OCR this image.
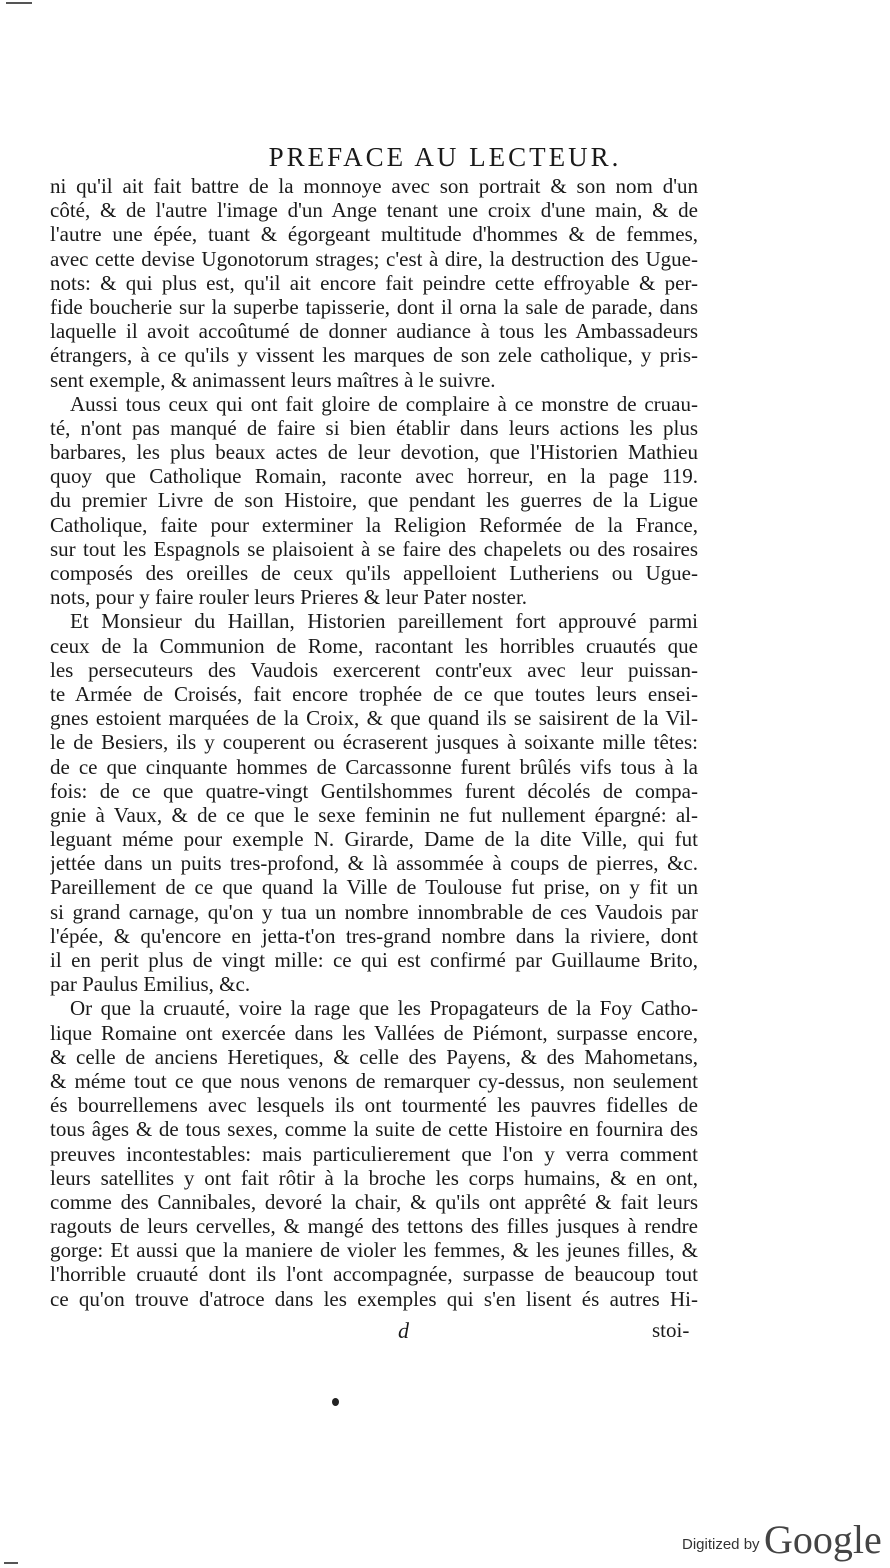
PREFACE AU LECTEUR.
ni qu'il ait fait battre de la monnoye avec son portrait & son nom d'un
côté, & de l'autre l'image d'un Ange tenant une croix d'une main, & de
l'autre une épée, tuant & égorgeant multitude d'hommes & de femmes,
avec cette devise Ugonotorum strages; c'est à dire, la destruction des Ugue-
nots: & qui plus est, qu'il ait encore fait peindre cette effroyable & per-
fide boucherie sur la superbe tapisserie, dont il orna la sale de parade, dans
laquelle il avoit accoûtumé de donner audiance à tous les Ambassadeurs
étrangers, à ce qu'ils y vissent les marques de son zele catholique, y pris-
sent exemple, & animassent leurs maîtres à le suivre.
Aussi tous ceux qui ont fait gloire de complaire à ce monstre de cruau-
té, n'ont pas manqué de faire si bien établir dans leurs actions les plus
barbares, les plus beaux actes de leur devotion, que l'Historien Mathieu
quoy que Catholique Romain, raconte avec horreur, en la page 119.
du premier Livre de son Histoire, que pendant les guerres de la Ligue
Catholique, faite pour exterminer la Religion Reformée de la France,
sur tout les Espagnols se plaisoient à se faire des chapelets ou des rosaires
composés des oreilles de ceux qu'ils appelloient Lutheriens ou Ugue-
nots, pour y faire rouler leurs Prieres & leur Pater noster.
Et Monsieur du Haillan, Historien pareillement fort approuvé parmi
ceux de la Communion de Rome, racontant les horribles cruautés que
les persecuteurs des Vaudois exercerent contr'eux avec leur puissan-
te Armée de Croisés, fait encore trophée de ce que toutes leurs ensei-
gnes estoient marquées de la Croix, & que quand ils se saisirent de la Vil-
le de Besiers, ils y couperent ou écraserent jusques à soixante mille têtes:
de ce que cinquante hommes de Carcassonne furent brûlés vifs tous à la
fois: de ce que quatre-vingt Gentilshommes furent décolés de compa-
gnie à Vaux, & de ce que le sexe feminin ne fut nullement épargné: al-
leguant méme pour exemple N. Girarde, Dame de la dite Ville, qui fut
jettée dans un puits tres-profond, & là assommée à coups de pierres, &c.
Pareillement de ce que quand la Ville de Toulouse fut prise, on y fit un
si grand carnage, qu'on y tua un nombre innombrable de ces Vaudois par
l'épée, & qu'encore en jetta-t'on tres-grand nombre dans la riviere, dont
il en perit plus de vingt mille: ce qui est confirmé par Guillaume Brito,
par Paulus Emilius, &c.
Or que la cruauté, voire la rage que les Propagateurs de la Foy Catho-
lique Romaine ont exercée dans les Vallées de Piémont, surpasse encore,
& celle de anciens Heretiques, & celle des Payens, & des Mahometans,
& méme tout ce que nous venons de remarquer cy-dessus, non seulement
és bourrellemens avec lesquels ils ont tourmenté les pauvres fidelles de
tous âges & de tous sexes, comme la suite de cette Histoire en fournira des
preuves incontestables: mais particulierement que l'on y verra comment
leurs satellites y ont fait rôtir à la broche les corps humains, & en ont,
comme des Cannibales, devoré la chair, & qu'ils ont apprêté & fait leurs
ragouts de leurs cervelles, & mangé des tettons des filles jusques à rendre
gorge: Et aussi que la maniere de violer les femmes, & les jeunes filles, &
l'horrible cruauté dont ils l'ont accompagnée, surpasse de beaucoup tout
ce qu'on trouve d'atroce dans les exemples qui s'en lisent és autres Hi-
d	stoi-
Digitized by Google
